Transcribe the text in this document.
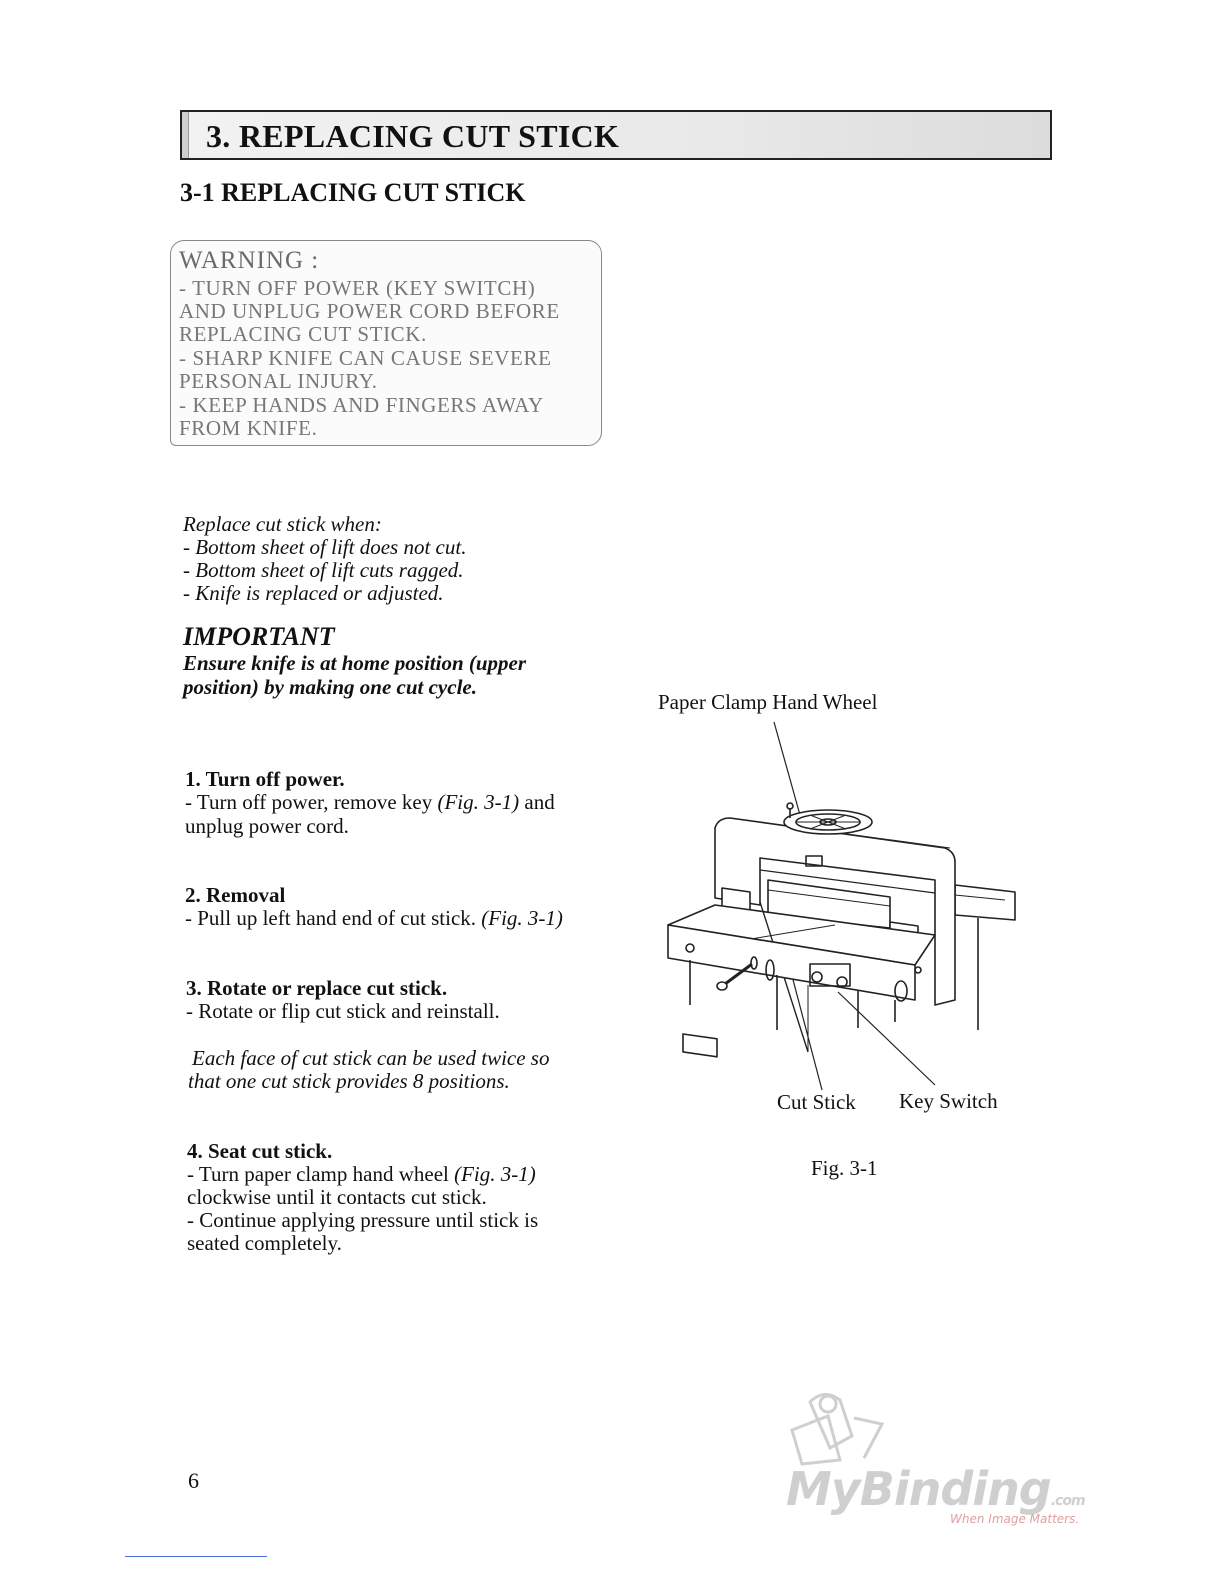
3. REPLACING CUT STICK
3-1 REPLACING CUT STICK
WARNING :
- TURN OFF POWER (KEY SWITCH)
AND UNPLUG POWER CORD BEFORE
REPLACING CUT STICK.
- SHARP KNIFE CAN CAUSE SEVERE
PERSONAL INJURY.
- KEEP HANDS AND FINGERS AWAY
FROM KNIFE.
Replace cut stick when:
- Bottom sheet of lift does not cut.
- Bottom sheet of lift cuts ragged.
- Knife is replaced or adjusted.
IMPORTANT
Ensure knife is at home position (upper
position) by making one cut cycle.
1. Turn off power.
- Turn off power, remove key (Fig. 3-1) and
unplug power cord.
2. Removal
- Pull up left hand end of cut stick. (Fig. 3-1)
3. Rotate or replace cut stick.
- Rotate or flip cut stick and reinstall.
Each face of cut stick can be used twice so
that one cut stick provides 8 positions.
4. Seat cut stick.
- Turn paper clamp hand wheel (Fig. 3-1)
clockwise until it contacts cut stick.
- Continue applying pressure until stick is
seated completely.
Paper Clamp Hand Wheel
Cut Stick Key Switch
Fig. 3-1
6	MyBinding.com
When Image Matters.
